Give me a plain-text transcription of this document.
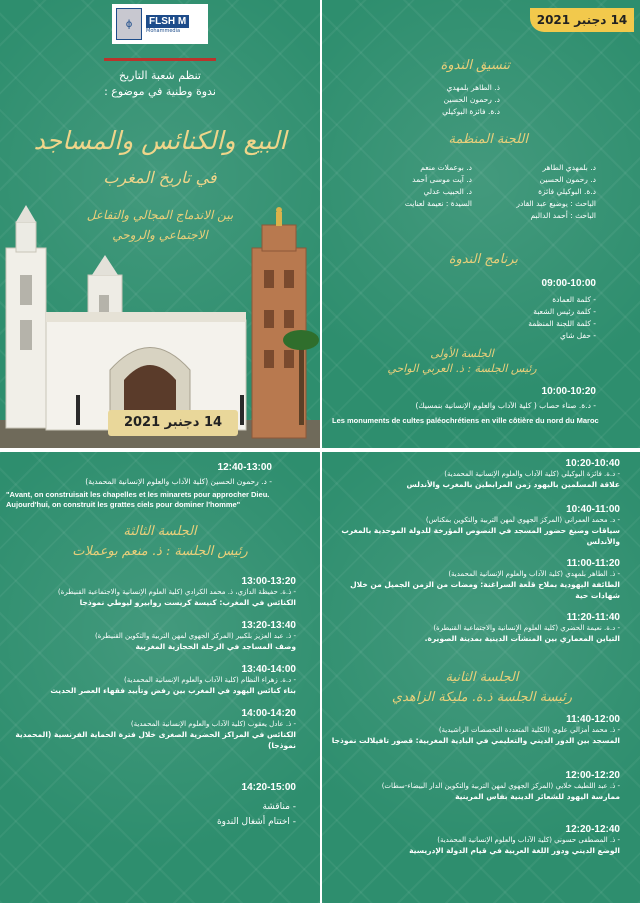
ϕ	FLSH M
Mohammedia
تنظم شعبة التاريخ
ندوة وطنية في موضوع :
البيع والكنائس والمساجد
في تاريخ المغرب
بين الاندماج المجالي والتفاعل
الاجتماعي والروحي
14 دجنبر 2021
14 دجنبر 2021
تنسيق الندوة
ذ. الطاهر بلمهدي
د. رحمون الحسين
د.ة. فائزة البوكيلي
اللجنة المنظمة
د. بلمهدي الطاهر
د. رحمون الحسين
د.ة. البوكيلي فائزة
الباحث : يوضيع عبد القادر
الباحث : أحمد الدالبم
د. بوعملات منعم
د. آيت موسى أحمد
د. الحبيب عدلي
السيدة : نعيمة لعنايت
برنامج الندوة
09:00-10:00
- كلمة العمادة
- كلمة رئيس الشعبة
- كلمة اللجنة المنظمة
- حفل شاي
الجلسة الأولى
رئيس الجلسة : ذ. العربي الواحي
10:00-10:20
- د.ة. صناء حصاب ( كلية الآداب والعلوم الإنسانية بنمسيك)
Les monuments de cultes paléochrétiens en ville côtière du nord du Maroc
12:40-13:00
- د. رحمون الحسين (كلية الآداب والعلوم الإنسانية المحمدية)
"Avant, on construisait les chapelles et les minarets pour approcher Dieu. Aujourd'hui, on construit les grattes ciels pour dominer l'homme"
الجلسة الثالثة
رئيس الجلسة : ذ. منعم بوعملات
13:00-13:20
- ذ.ة. حفيظة الدازي، ذ. محمد الكرادي (كلية العلوم الإنسانية والاجتماعية القنيطرة)
الكنائس في المغرب: كنيسة كريست روابيرو ليوطي نموذجا
13:20-13:40
- ذ. عبد العزيز بلكبير (المركز الجهوي لمهن التربية والتكوين القنيطرة)
وصف المساجد في الرحلة الحجازية المغربية
13:40-14:00
- د.ة. زهراء النظام (كلية الآداب والعلوم الإنسانية المحمدية)
بناء كنائس اليهود في المغرب بين رفض وتأييد فقهاء العصر الحديث
14:00-14:20
- ذ. عادل يعقوب (كلية الآداب والعلوم الإنسانية المحمدية)
الكنائس في المراكز الحضرية الصغرى خلال فترة الحماية الفرنسية (المحمدية نموذجا)
14:20-15:00
- مناقشة
- اختتام أشغال الندوة
10:20-10:40
- د.ة. فائزة البوكيلي (كلية الآداب والعلوم الإنسانية المحمدية)
علاقة المسلمين باليهود زمن المرابطين بالمغرب والأندلس
10:40-11:00
- د. محمد العمراني (المركز الجهوي لمهن التربية والتكوين بمكناس)
سياقات وصيغ حضور المسجد في النصوص المؤرخة للدولة الموحدية بالمغرب والأندلس
11:00-11:20
- ذ. الطاهر بلمهدي (كلية الآداب والعلوم الإنسانية المحمدية)
الطائفة اليهودية بملاح قلعة السراغنة: ومضات من الزمن الجميل من خلال شهادات حية
11:20-11:40
- د.ة. نعيمة الحضري (كلية العلوم الإنسانية والاجتماعية القنيطرة)
التباين المعماري بين المنشآت الدينية بمدينة الصويرة.
الجلسة الثانية
رئيسة الجلسة ذ.ة. مليكة الزاهدي
11:40-12:00
- ذ. محمد أمزالي علوي (الكلية المتعددة التخصصات الراشيدية)
المسجد بين الدور الديني والتعليمي في البادية المغربية: قصور تافيلالت نموذجا
12:00-12:20
- ذ. عبد اللطيف خلابي (المركز الجهوي لمهن التربية والتكوين الدار البيضاء-سطات)
ممارسة اليهود للشعائر الدينية بفاس المرينية
12:20-12:40
- ذ. المصطفى حسوني (كلية الآداب والعلوم الإنسانية المحمدية)
الوضع الديني ودور اللغة العربية في قيام الدولة الإدريسية
